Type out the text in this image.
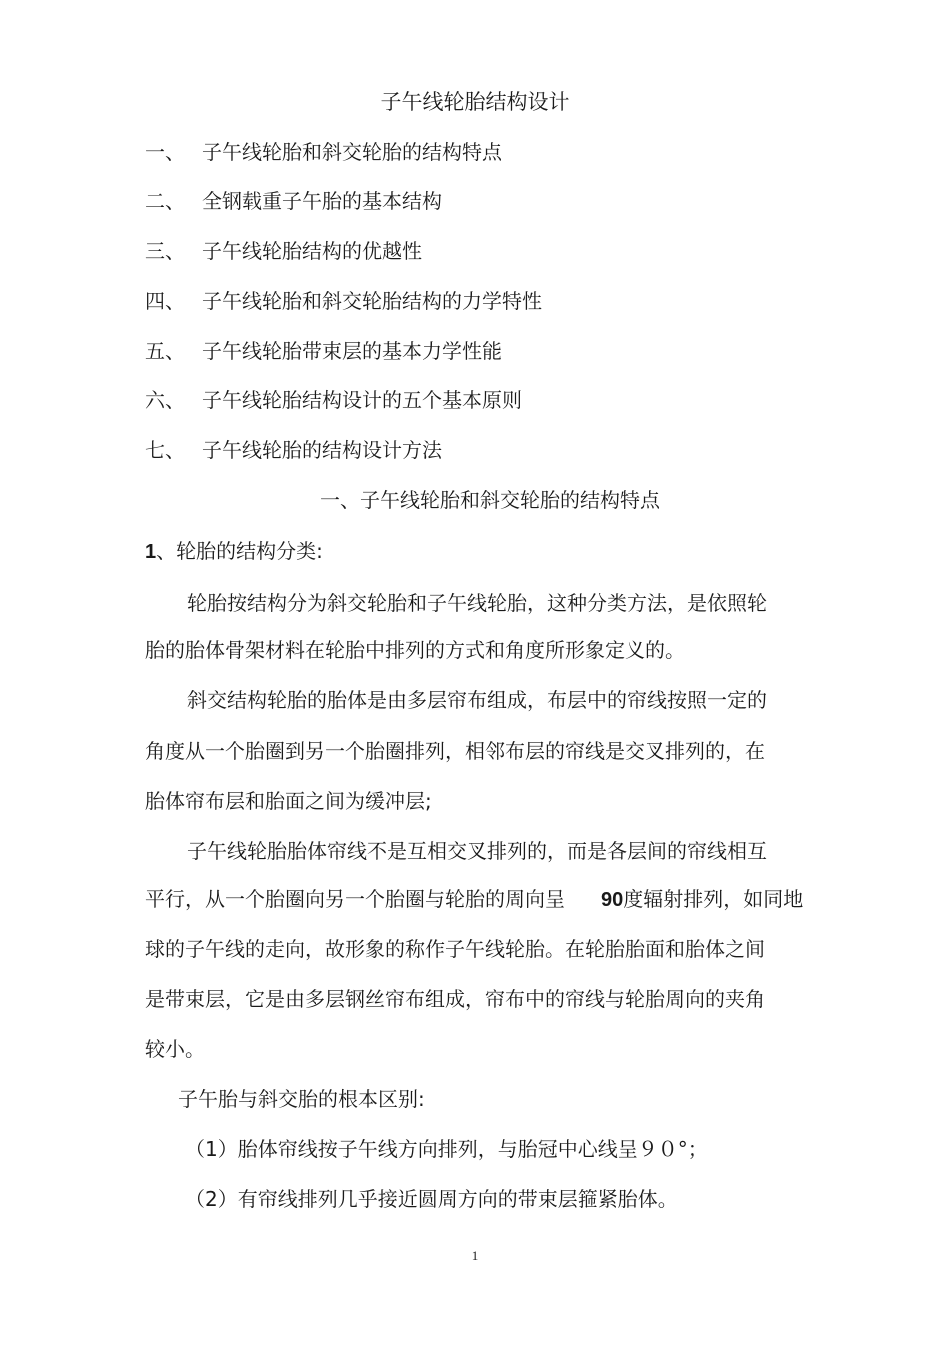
子午线轮胎结构设计
一、 子午线轮胎和斜交轮胎的结构特点
二、 全钢载重子午胎的基本结构
三、 子午线轮胎结构的优越性
四、 子午线轮胎和斜交轮胎结构的力学特性
五、 子午线轮胎带束层的基本力学性能
六、 子午线轮胎结构设计的五个基本原则
七、 子午线轮胎的结构设计方法
一、子午线轮胎和斜交轮胎的结构特点
1、轮胎的结构分类:
轮胎按结构分为斜交轮胎和子午线轮胎，这种分类方法，是依照轮
胎的胎体骨架材料在轮胎中排列的方式和角度所形象定义的。
斜交结构轮胎的胎体是由多层帘布组成，布层中的帘线按照一定的
角度从一个胎圈到另一个胎圈排列，相邻布层的帘线是交叉排列的，在
胎体帘布层和胎面之间为缓冲层;
子午线轮胎胎体帘线不是互相交叉排列的，而是各层间的帘线相互
平行，从一个胎圈向另一个胎圈与轮胎的周向呈 90度辐射排列，如同地
球的子午线的走向，故形象的称作子午线轮胎。在轮胎胎面和胎体之间
是带束层，它是由多层钢丝帘布组成，帘布中的帘线与轮胎周向的夹角
较小。
子午胎与斜交胎的根本区别:
（1）胎体帘线按子午线方向排列，与胎冠中心线呈９０°；
（2）有帘线排列几乎接近圆周方向的带束层箍紧胎体。
1
